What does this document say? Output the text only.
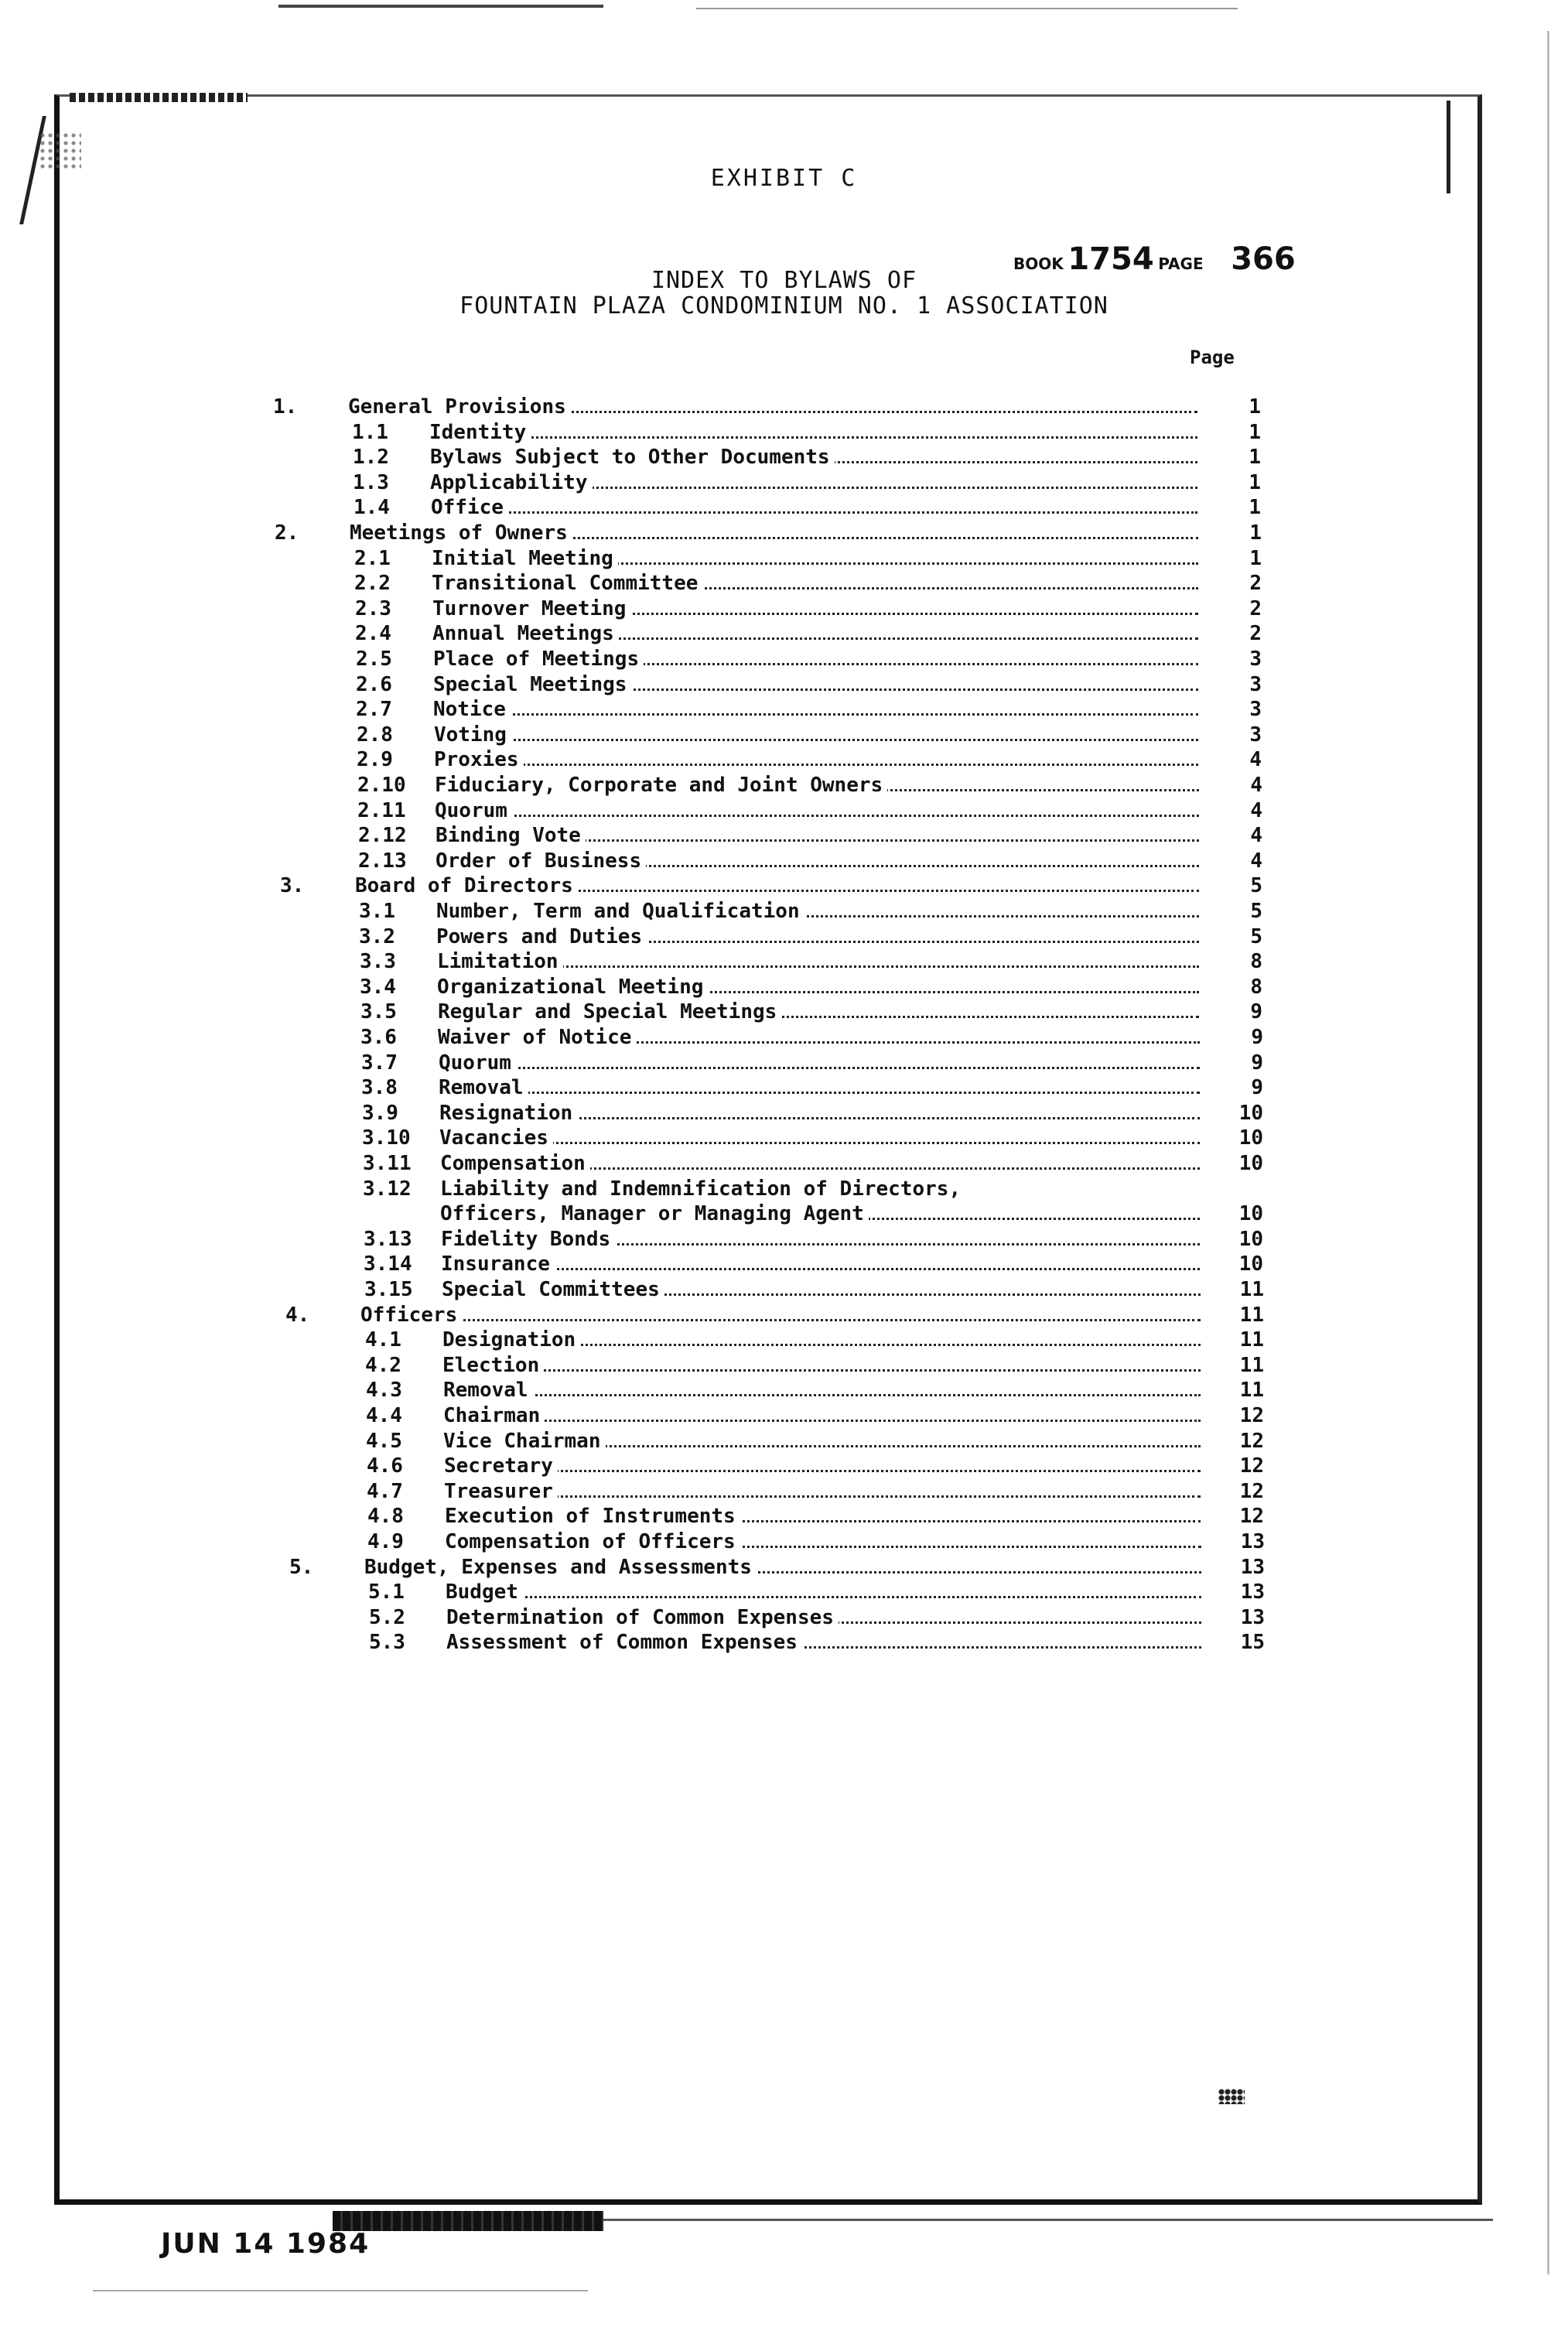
EXHIBIT C
BOOK 1754 PAGE 366
INDEX TO BYLAWS OF
FOUNTAIN PLAZA CONDOMINIUM NO. 1 ASSOCIATION
Page
1.	General Provisions	1
1.1 Identity	1
1.2 Bylaws Subject to Other Documents	1
1.3 Applicability	1
1.4 Office	1
2.	Meetings of Owners	1
2.1 Initial Meeting	1
2.2 Transitional Committee	2
2.3 Turnover Meeting	2
2.4 Annual Meetings	2
2.5 Place of Meetings	3
2.6 Special Meetings	3
2.7 Notice	3
2.8 Voting	3
2.9 Proxies	4
2.10 Fiduciary, Corporate and Joint Owners	4
2.11 Quorum	4
2.12 Binding Vote	4
2.13 Order of Business	4
3.	Board of Directors	5
3.1 Number, Term and Qualification	5
3.2 Powers and Duties	5
3.3 Limitation	8
3.4 Organizational Meeting	8
3.5 Regular and Special Meetings	9
3.6 Waiver of Notice	9
3.7 Quorum	9
3.8 Removal	9
3.9 Resignation	10
3.10 Vacancies	10
3.11 Compensation	10
3.12 Liability and Indemnification of Directors,
Officers, Manager or Managing Agent	10
3.13 Fidelity Bonds	10
3.14 Insurance	10
3.15 Special Committees	11
4.	Officers	11
4.1 Designation	11
4.2 Election	11
4.3 Removal	11
4.4 Chairman	12
4.5 Vice Chairman	12
4.6 Secretary	12
4.7 Treasurer	12
4.8 Execution of Instruments	12
4.9 Compensation of Officers	13
5.	Budget, Expenses and Assessments	13
5.1 Budget	13
5.2 Determination of Common Expenses	13
5.3 Assessment of Common Expenses	15
JUN 14 1984
